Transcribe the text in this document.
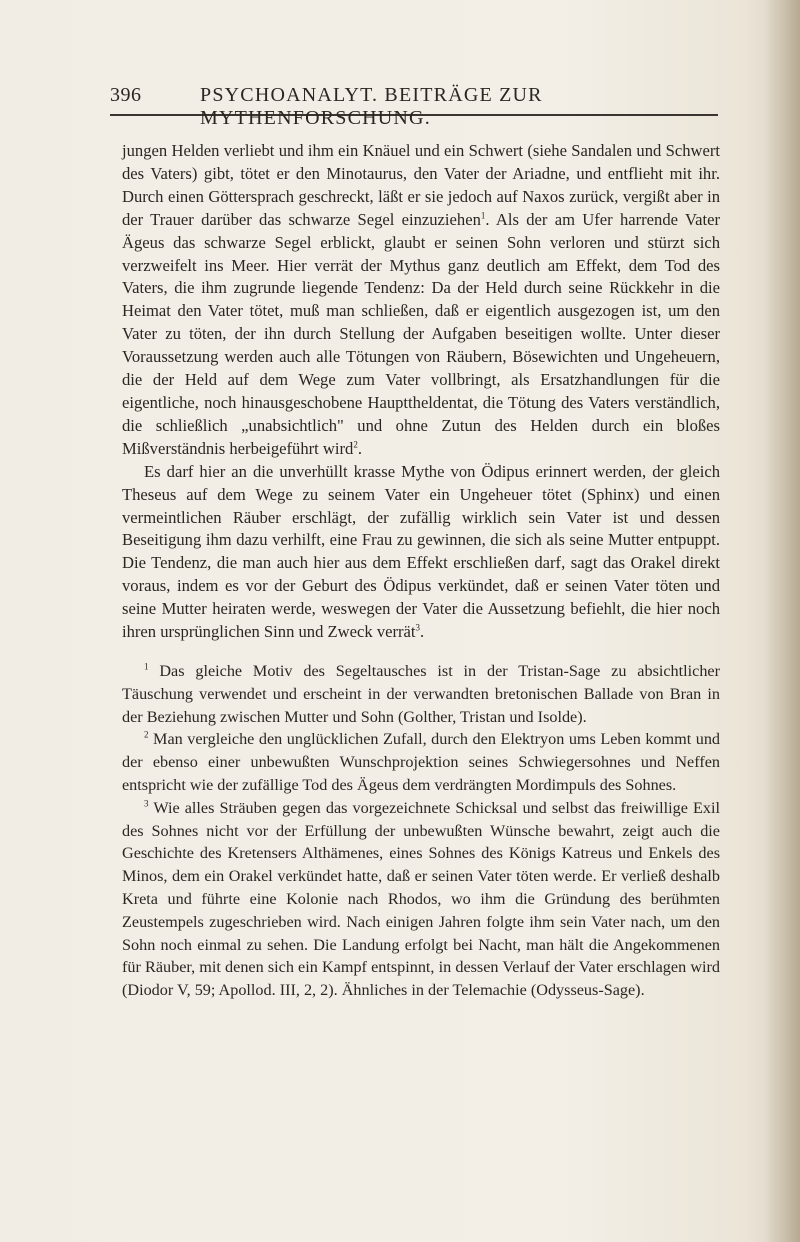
396	PSYCHOANALYT. BEITRÄGE ZUR MYTHENFORSCHUNG.

jungen Helden verliebt und ihm ein Knäuel und ein Schwert (siehe Sandalen und Schwert des Vaters) gibt, tötet er den Minotaurus, den Vater der Ariadne, und entflieht mit ihr. Durch einen Göttersprach geschreckt, läßt er sie jedoch auf Naxos zurück, vergißt aber in der Trauer darüber das schwarze Segel einzuziehen$^1$. Als der am Ufer harrende Vater Ägeus das schwarze Segel erblickt, glaubt er seinen Sohn verloren und stürzt sich verzweifelt ins Meer. Hier verrät der Mythus ganz deutlich am Effekt, dem Tod des Vaters, die ihm zugrunde liegende Tendenz: Da der Held durch seine Rückkehr in die Heimat den Vater tötet, muß man schließen, daß er eigentlich ausgezogen ist, um den Vater zu töten, der ihn durch Stellung der Aufgaben beseitigen wollte. Unter dieser Voraussetzung werden auch alle Tötungen von Räubern, Bösewichten und Ungeheuern, die der Held auf dem Wege zum Vater vollbringt, als Ersatzhandlungen für die eigentliche, noch hinausgeschobene Haupttheldentat, die Tötung des Vaters verständlich, die schließlich „unabsichtlich" und ohne Zutun des Helden durch ein bloßes Mißverständnis herbeigeführt wird$^2$.

Es darf hier an die unverhüllt krasse Mythe von Ödipus erinnert werden, der gleich Theseus auf dem Wege zu seinem Vater ein Ungeheuer tötet (Sphinx) und einen vermeintlichen Räuber erschlägt, der zufällig wirklich sein Vater ist und dessen Beseitigung ihm dazu verhilft, eine Frau zu gewinnen, die sich als seine Mutter entpuppt. Die Tendenz, die man auch hier aus dem Effekt erschließen darf, sagt das Orakel direkt voraus, indem es vor der Geburt des Ödipus verkündet, daß er seinen Vater töten und seine Mutter heiraten werde, weswegen der Vater die Aussetzung befiehlt, die hier noch ihren ursprünglichen Sinn und Zweck verrät$^3$.

$^1$ Das gleiche Motiv des Segeltausches ist in der Tristan-Sage zu absichtlicher Täuschung verwendet und erscheint in der verwandten bretonischen Ballade von Bran in der Beziehung zwischen Mutter und Sohn (Golther, Tristan und Isolde).

$^2$ Man vergleiche den unglücklichen Zufall, durch den Elektryon ums Leben kommt und der ebenso einer unbewußten Wunschprojektion seines Schwiegersohnes und Neffen entspricht wie der zufällige Tod des Ägeus dem verdrängten Mordimpuls des Sohnes.

$^3$ Wie alles Sträuben gegen das vorgezeichnete Schicksal und selbst das freiwillige Exil des Sohnes nicht vor der Erfüllung der unbewußten Wünsche bewahrt, zeigt auch die Geschichte des Kretensers Althämenes, eines Sohnes des Königs Katreus und Enkels des Minos, dem ein Orakel verkündet hatte, daß er seinen Vater töten werde. Er verließ deshalb Kreta und führte eine Kolonie nach Rhodos, wo ihm die Gründung des berühmten Zeustempels zugeschrieben wird. Nach einigen Jahren folgte ihm sein Vater nach, um den Sohn noch einmal zu sehen. Die Landung erfolgt bei Nacht, man hält die Angekommenen für Räuber, mit denen sich ein Kampf entspinnt, in dessen Verlauf der Vater erschlagen wird (Diodor V, 59; Apollod. III, 2, 2). Ähnliches in der Telemachie (Odysseus-Sage).
